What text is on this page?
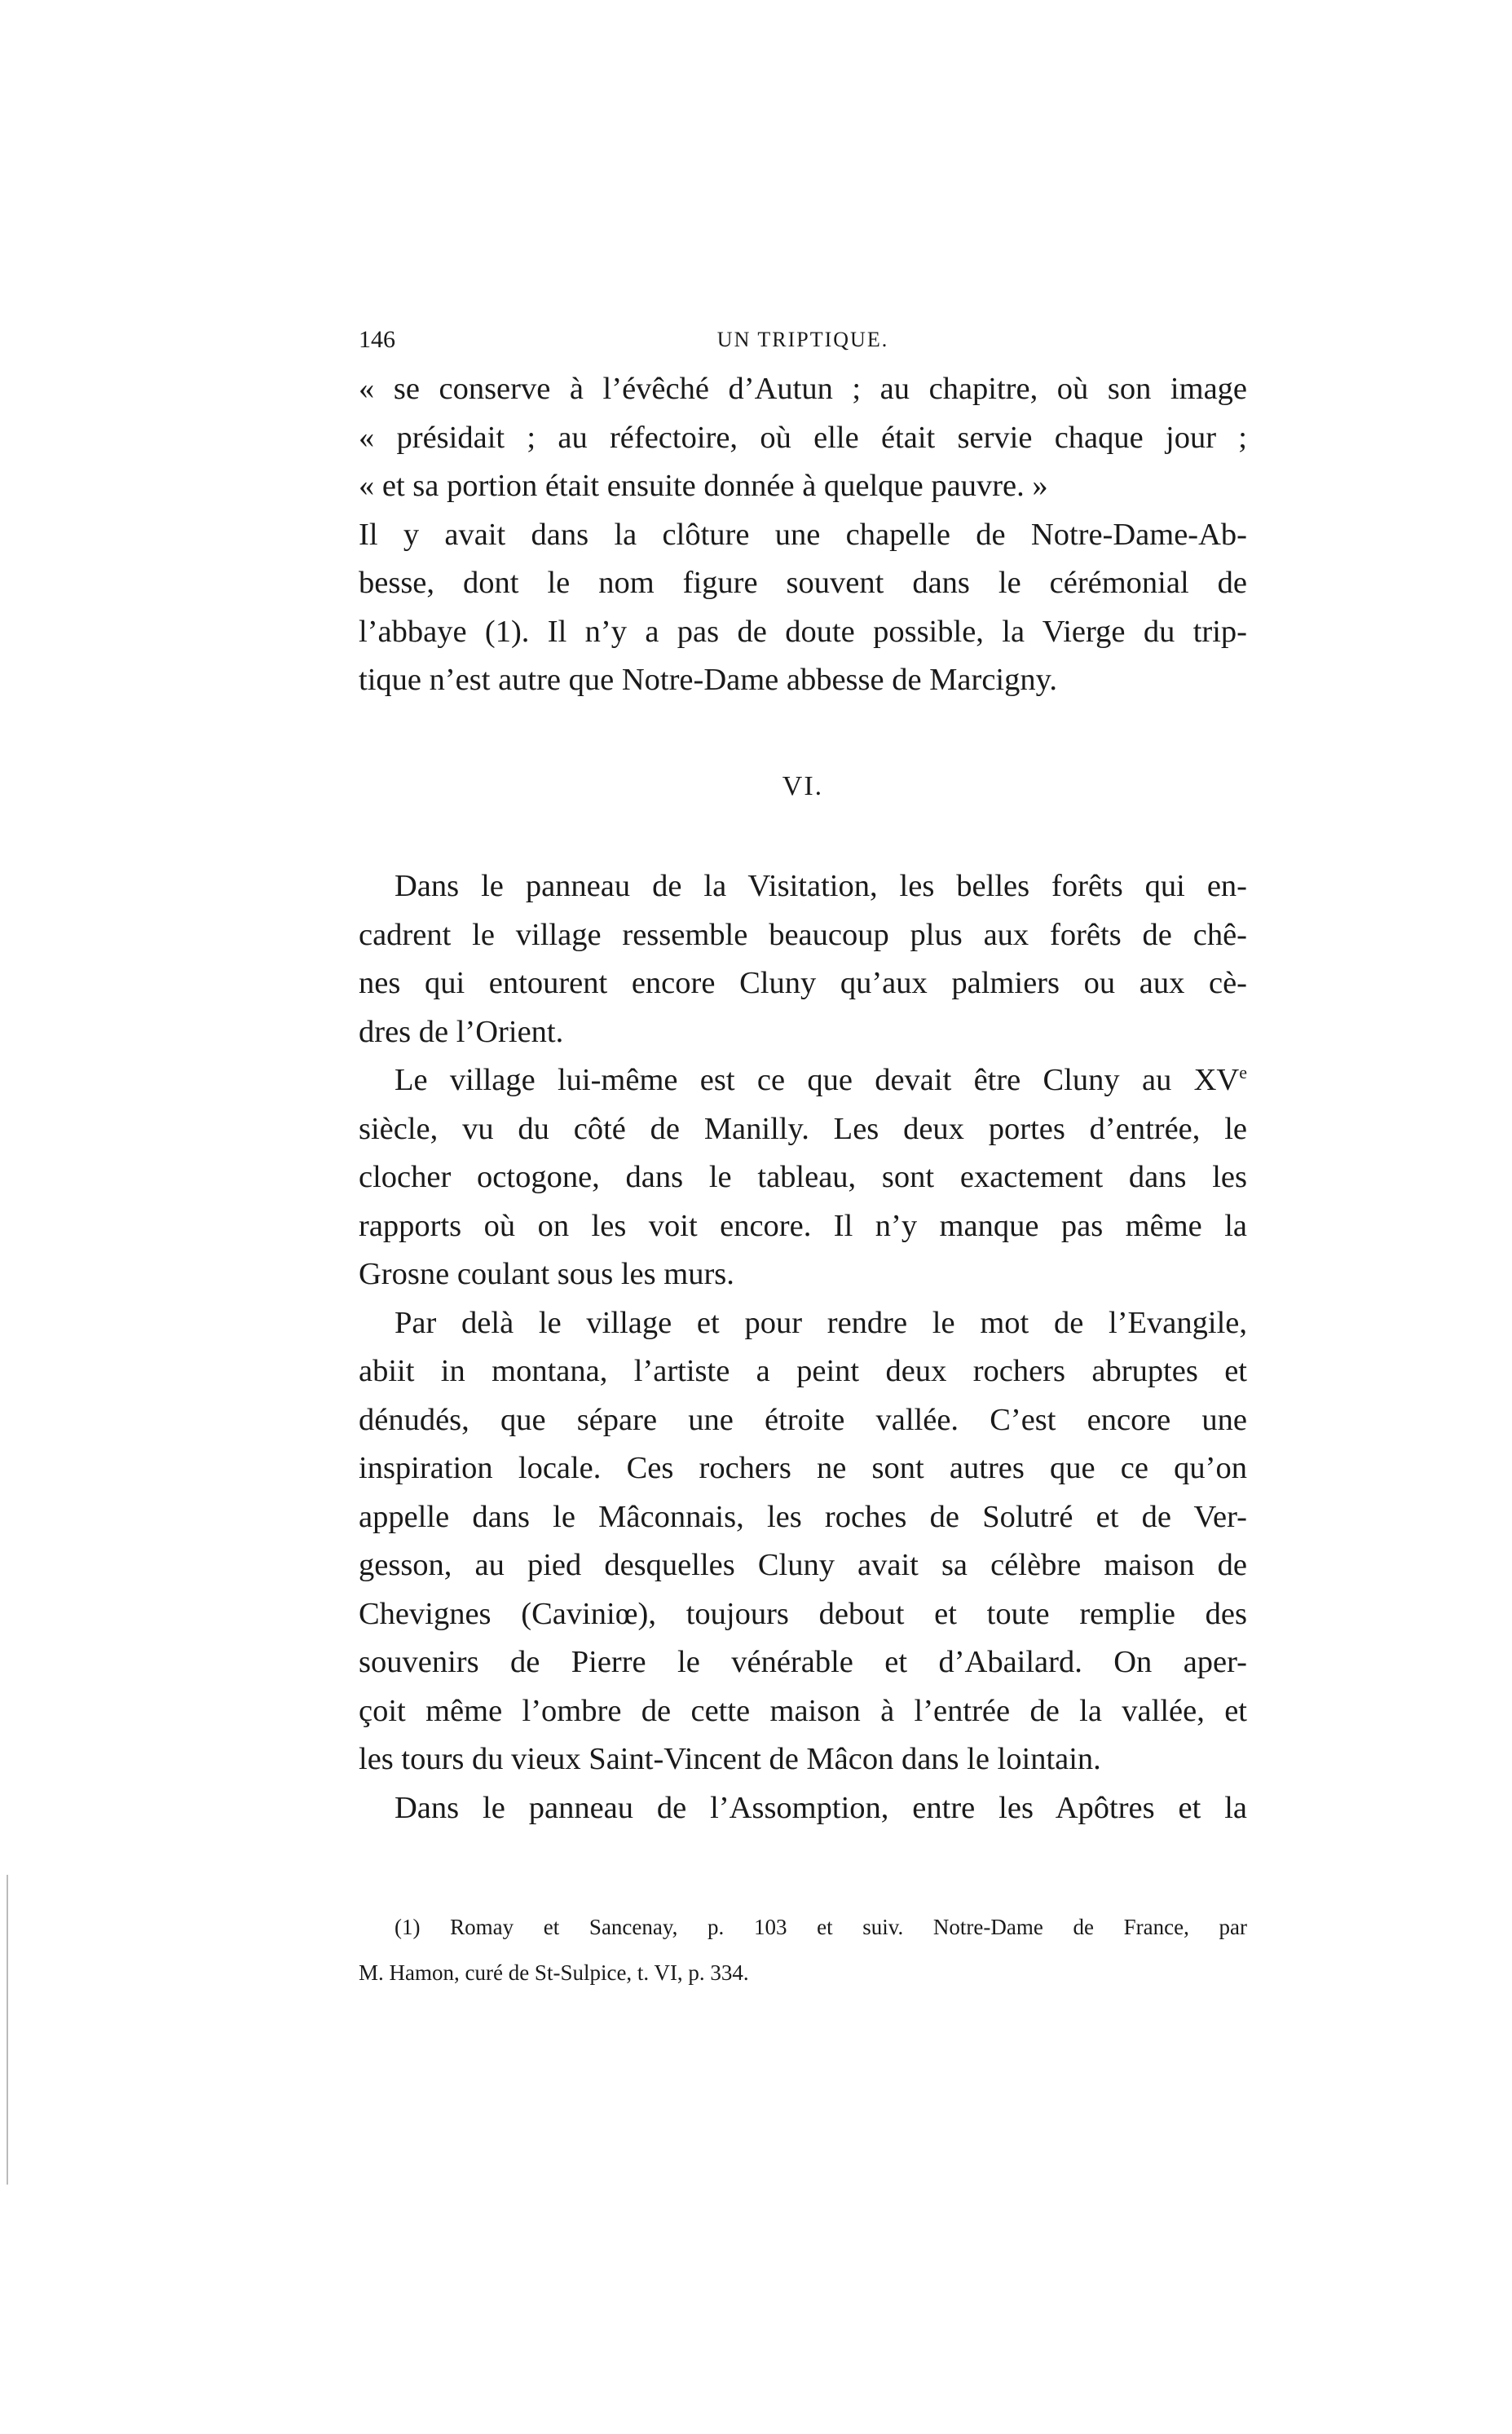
146	UN TRIPTIQUE.
« se conserve à l’évêché d’Autun ; au chapitre, où son image
« présidait ; au réfectoire, où elle était servie chaque jour ;
« et sa portion était ensuite donnée à quelque pauvre. »
Il y avait dans la clôture une chapelle de Notre-Dame-Ab-
besse, dont le nom figure souvent dans le cérémonial de
l’abbaye (1). Il n’y a pas de doute possible, la Vierge du trip-
tique n’est autre que Notre-Dame abbesse de Marcigny.
VI.
Dans le panneau de la Visitation, les belles forêts qui en-
cadrent le village ressemble beaucoup plus aux forêts de chê-
nes qui entourent encore Cluny qu’aux palmiers ou aux cè-
dres de l’Orient.
Le village lui-même est ce que devait être Cluny au XVe
siècle, vu du côté de Manilly. Les deux portes d’entrée, le
clocher octogone, dans le tableau, sont exactement dans les
rapports où on les voit encore. Il n’y manque pas même la
Grosne coulant sous les murs.
Par delà le village et pour rendre le mot de l’Evangile,
abiit in montana, l’artiste a peint deux rochers abruptes et
dénudés, que sépare une étroite vallée. C’est encore une
inspiration locale. Ces rochers ne sont autres que ce qu’on
appelle dans le Mâconnais, les roches de Solutré et de Ver-
gesson, au pied desquelles Cluny avait sa célèbre maison de
Chevignes (Caviniœ), toujours debout et toute remplie des
souvenirs de Pierre le vénérable et d’Abailard. On aper-
çoit même l’ombre de cette maison à l’entrée de la vallée, et
les tours du vieux Saint-Vincent de Mâcon dans le lointain.
Dans le panneau de l’Assomption, entre les Apôtres et la
(1) Romay et Sancenay, p. 103 et suiv. Notre-Dame de France, par
M. Hamon, curé de St-Sulpice, t. VI, p. 334.
